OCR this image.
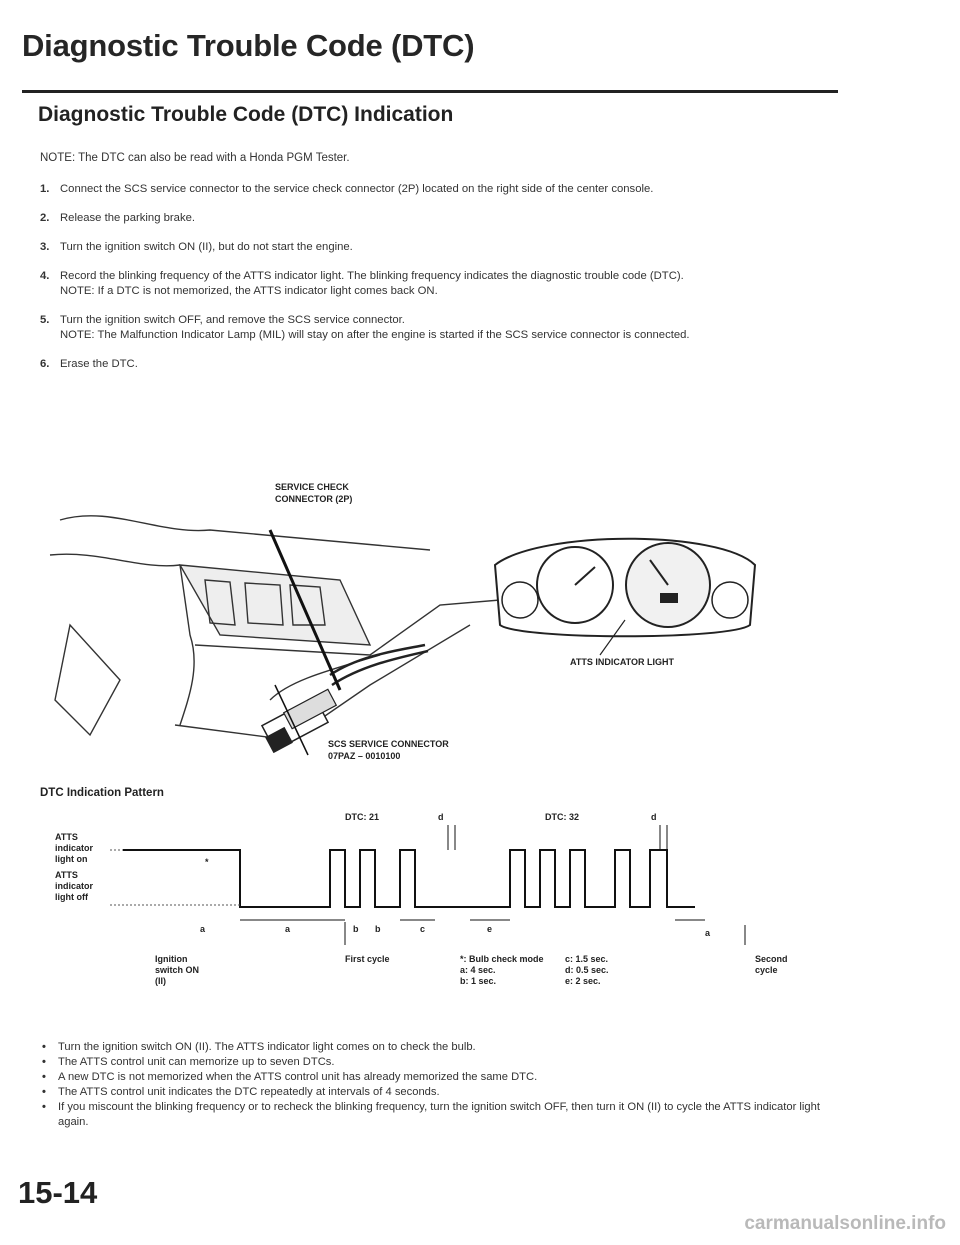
Diagnostic Trouble Code (DTC)
Diagnostic Trouble Code (DTC) Indication
NOTE: The DTC can also be read with a Honda PGM Tester.
1. Connect the SCS service connector to the service check connector (2P) located on the right side of the center console.
2. Release the parking brake.
3. Turn the ignition switch ON (II), but do not start the engine.
4. Record the blinking frequency of the ATTS indicator light. The blinking frequency indicates the diagnostic trouble code (DTC).
NOTE: If a DTC is not memorized, the ATTS indicator light comes back ON.
5. Turn the ignition switch OFF, and remove the SCS service connector.
NOTE: The Malfunction Indicator Lamp (MIL) will stay on after the engine is started if the SCS service connector is connected.
6. Erase the DTC.
SERVICE CHECK CONNECTOR (2P)
ATTS INDICATOR LIGHT
SCS SERVICE CONNECTOR 07PAZ – 0010100
DTC Indication Pattern
DTC: 21	DTC: 32
d	d
ATTS indicator light on
ATTS indicator light off
*
a	a	b b	c	e	a
Ignition switch ON (II)
First cycle	Second cycle
*: Bulb check mode
a: 4 sec.
b: 1 sec.
c: 1.5 sec.
d: 0.5 sec.
e: 2 sec.
• Turn the ignition switch ON (II). The ATTS indicator light comes on to check the bulb.
• The ATTS control unit can memorize up to seven DTCs.
• A new DTC is not memorized when the ATTS control unit has already memorized the same DTC.
• The ATTS control unit indicates the DTC repeatedly at intervals of 4 seconds.
• If you miscount the blinking frequency or to recheck the blinking frequency, turn the ignition switch OFF, then turn it ON (II) to cycle the ATTS indicator light again.
15-14
carmanualsonline.info
